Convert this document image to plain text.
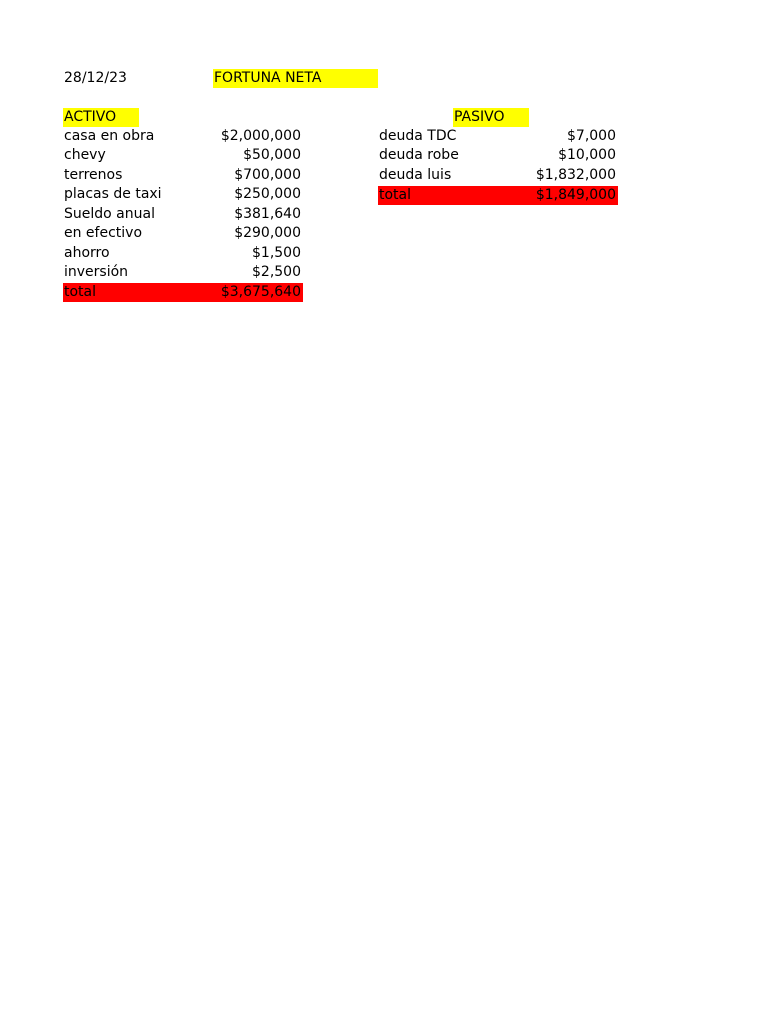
28/12/23	FORTUNA NETA
ACTIVO
casa en obra	$2,000,000
chevy	$50,000
terrenos	$700,000
placas de taxi	$250,000
Sueldo anual	$381,640
en efectivo	$290,000
ahorro	$1,500
inversión	$2,500
total	$3,675,640
PASIVO
deuda TDC	$7,000
deuda robe	$10,000
deuda luis	$1,832,000
total	$1,849,000
